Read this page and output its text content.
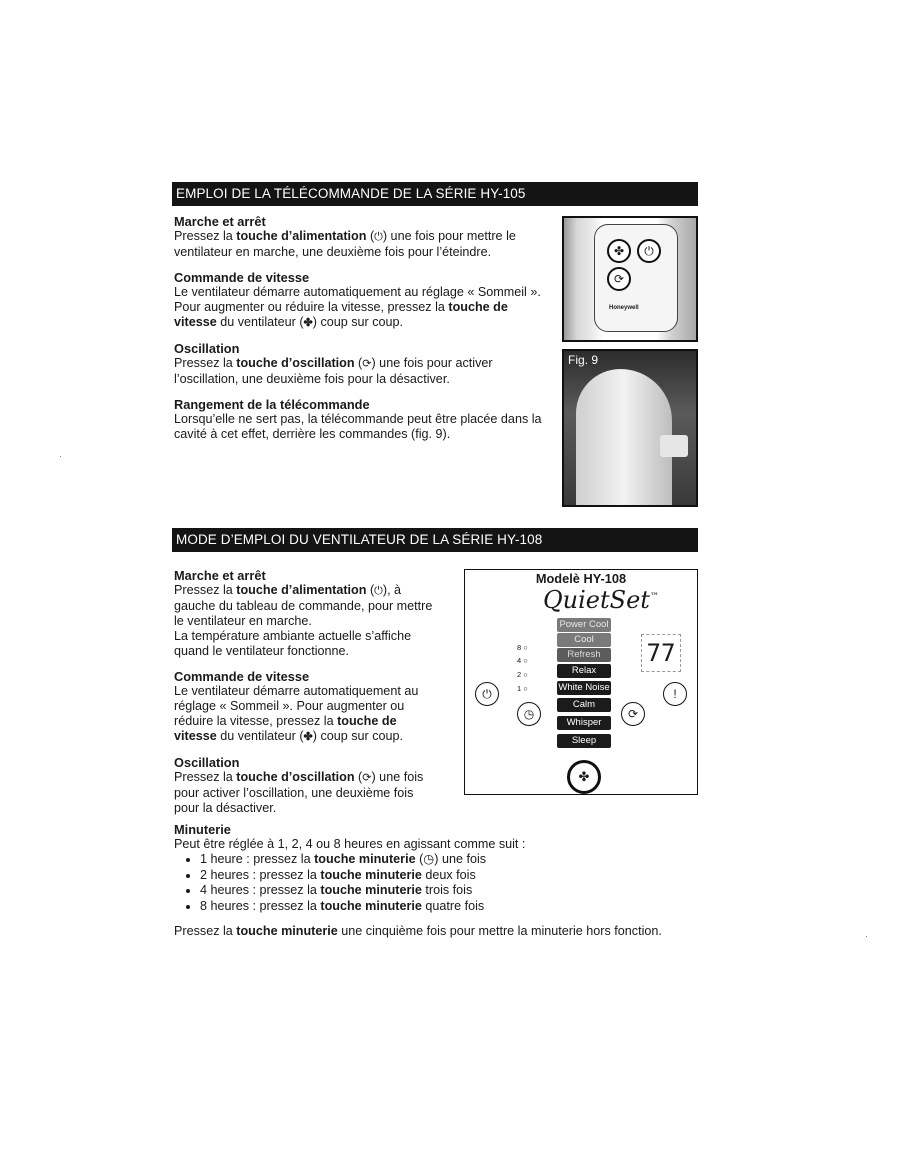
EMPLOI DE LA TÉLÉCOMMANDE DE LA SÉRIE HY-105
Marche et arrêt

Pressez la touche d’alimentation (⏻) une fois pour mettre le ventilateur en marche, une deuxième fois pour l’éteindre.

Commande de vitesse

Le ventilateur démarre automatiquement au réglage « Sommeil ». Pour augmenter ou réduire la vitesse, pressez la touche de vitesse du ventilateur (✤) coup sur coup.

Oscillation

Pressez la touche d’oscillation (⟳) une fois pour activer l’oscillation, une deuxième fois pour la désactiver.

Rangement de la télécommande

Lorsqu’elle ne sert pas, la télécommande peut être placée dans la cavité à cet effet, derrière les commandes (fig. 9).

✤	⏻
⟳
Honeywell
Fig. 9
MODE D’EMPLOI DU VENTILATEUR DE LA SÉRIE HY-108
Marche et arrêt

Pressez la touche d’alimentation (⏻), à gauche du tableau de commande, pour mettre le ventilateur en marche.

La température ambiante actuelle s’affiche quand le ventilateur fonctionne.

Commande de vitesse

Le ventilateur démarre automatiquement au réglage « Sommeil ». Pour augmenter ou réduire la vitesse, pressez la touche de vitesse du ventilateur (✤) coup sur coup.

Oscillation

Pressez la touche d’oscillation (⟳) une fois pour activer l’oscillation, une deuxième fois pour la désactiver.

Modelè HY-108
QuietSet™
Power Cool
Cool
Refresh
Relax
White Noise
Calm
Whisper
Sleep
✤
8 ○
4 ○
2 ○
1 ○
⏻
◷	⟳
!
77
Minuterie

Peut être réglée à 1, 2, 4 ou 8 heures en agissant comme suit :

• 1 heure : pressez la touche minuterie (◷) une fois
• 2 heures : pressez la touche minuterie deux fois
• 4 heures : pressez la touche minuterie trois fois
• 8 heures : pressez la touche minuterie quatre fois

Pressez la touche minuterie une cinquième fois pour mettre la minuterie hors fonction.
